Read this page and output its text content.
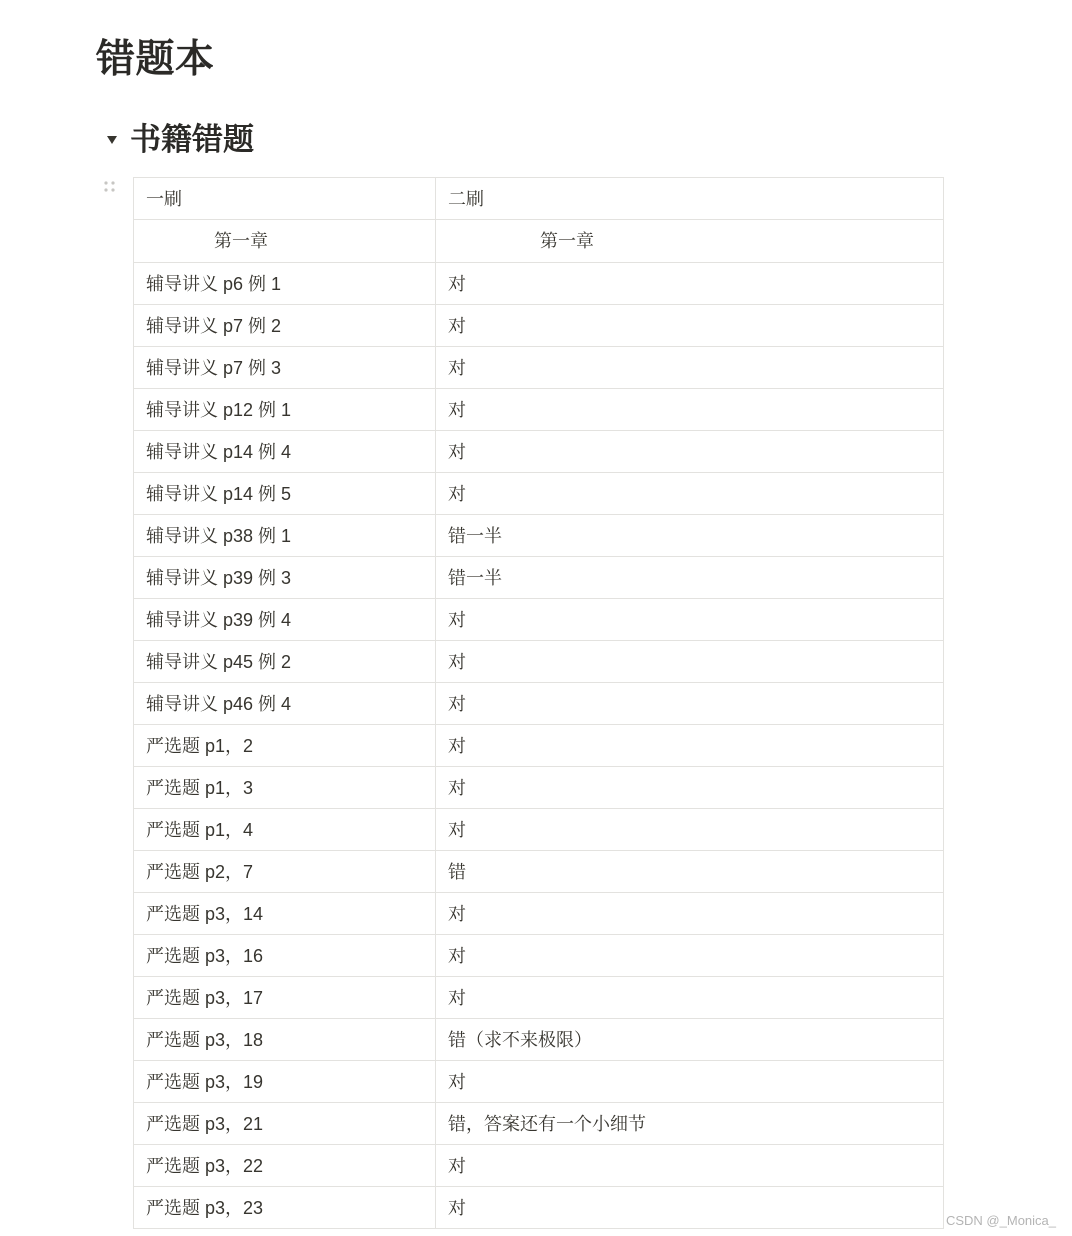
错题本
书籍错题
一刷	二刷
第一章	第一章
辅导讲义 p6 例 1	对
辅导讲义 p7 例 2	对
辅导讲义 p7 例 3	对
辅导讲义 p12 例 1	对
辅导讲义 p14 例 4	对
辅导讲义 p14 例 5	对
辅导讲义 p38 例 1	错一半
辅导讲义 p39 例 3	错一半
辅导讲义 p39 例 4	对
辅导讲义 p45 例 2	对
辅导讲义 p46 例 4	对
严选题 p1，2	对
严选题 p1，3	对
严选题 p1，4	对
严选题 p2，7	错
严选题 p3，14	对
严选题 p3，16	对
严选题 p3，17	对
严选题 p3，18	错（求不来极限）
严选题 p3，19	对
严选题 p3，21	错，答案还有一个小细节
严选题 p3，22	对
严选题 p3，23	对
CSDN @_Monica_
